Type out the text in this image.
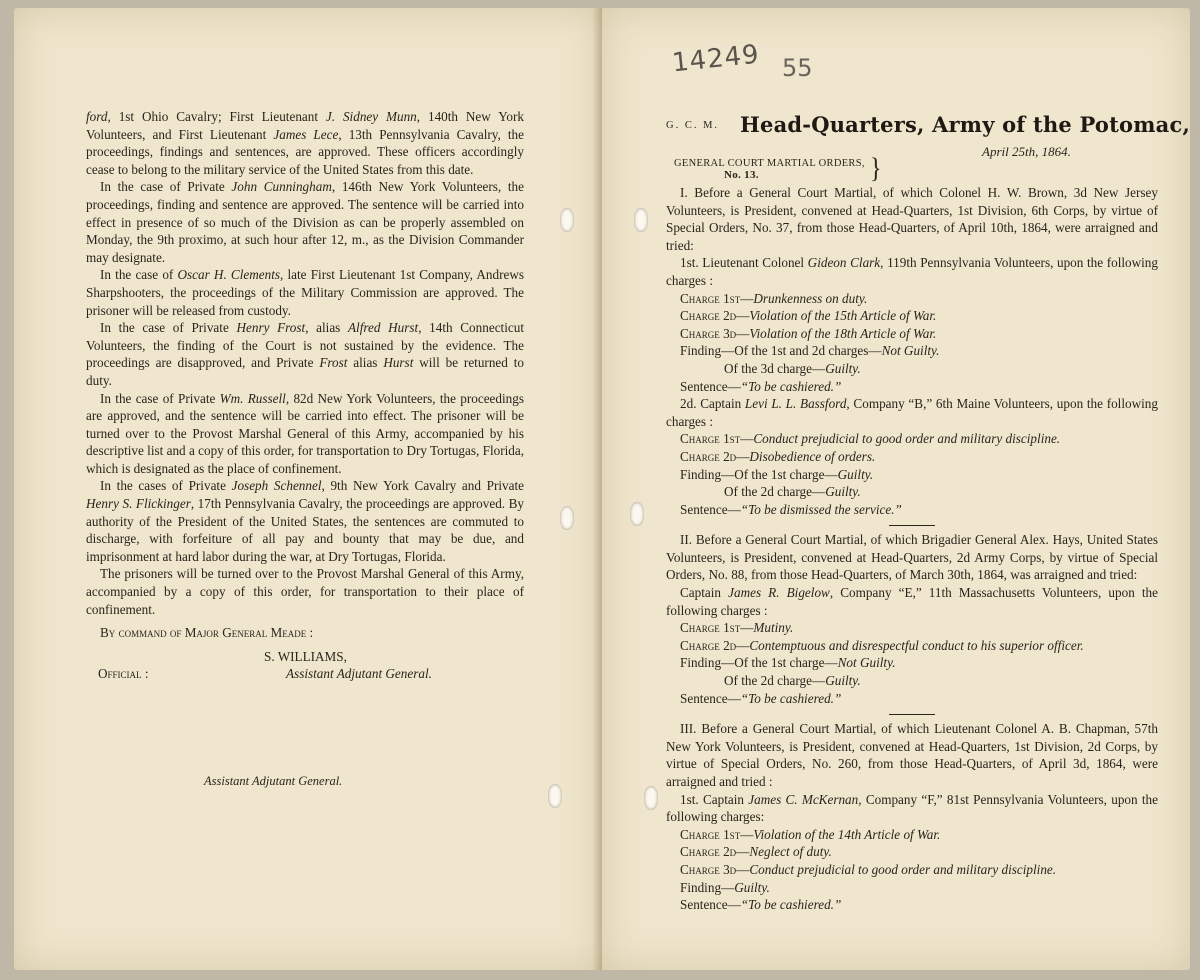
ford, 1st Ohio Cavalry; First Lieutenant J. Sidney Munn, 140th New York Volunteers, and First Lieutenant James Lece, 13th Pennsylvania Cavalry, the proceedings, findings and sentences, are approved. These officers accordingly cease to belong to the military service of the United States from this date.

In the case of Private John Cunningham, 146th New York Volunteers, the proceedings, finding and sentence are approved. The sentence will be carried into effect in presence of so much of the Division as can be properly assembled on Monday, the 9th proximo, at such hour after 12, m., as the Division Commander may designate.

In the case of Oscar H. Clements, late First Lieutenant 1st Company, Andrews Sharpshooters, the proceedings of the Military Commission are approved. The prisoner will be released from custody.

In the case of Private Henry Frost, alias Alfred Hurst, 14th Connecticut Volunteers, the finding of the Court is not sustained by the evidence. The proceedings are disapproved, and Private Frost alias Hurst will be returned to duty.

In the case of Private Wm. Russell, 82d New York Volunteers, the proceedings are approved, and the sentence will be carried into effect. The prisoner will be turned over to the Provost Marshal General of this Army, accompanied by his descriptive list and a copy of this order, for transportation to Dry Tortugas, Florida, which is designated as the place of confinement.

In the cases of Private Joseph Schennel, 9th New York Cavalry and Private Henry S. Flickinger, 17th Pennsylvania Cavalry, the proceedings are approved. By authority of the President of the United States, the sentences are commuted to discharge, with forfeiture of all pay and bounty that may be due, and imprisonment at hard labor during the war, at Dry Tortugas, Florida.

The prisoners will be turned over to the Provost Marshal General of this Army, accompanied by a copy of this order, for transportation to their place of confinement.

By command of Major General Meade :

S. WILLIAMS,

Assistant Adjutant General.

Official :

Assistant Adjutant General.
14249 55
G. C. M. Head-Quarters, Army of the Potomac,
April 25th, 1864.
GENERAL COURT MARTIAL ORDERS,
No. 13.	}

I. Before a General Court Martial, of which Colonel H. W. Brown, 3d New Jersey Volunteers, is President, convened at Head-Quarters, 1st Division, 6th Corps, by virtue of Special Orders, No. 37, from those Head-Quarters, of April 10th, 1864, were arraigned and tried:

1st. Lieutenant Colonel Gideon Clark, 119th Pennsylvania Volunteers, upon the following charges :

Charge 1st—Drunkenness on duty.

Charge 2d—Violation of the 15th Article of War.

Charge 3d—Violation of the 18th Article of War.

Finding—Of the 1st and 2d charges—Not Guilty.

Of the 3d charge—Guilty.

Sentence—“To be cashiered.”

2d. Captain Levi L. L. Bassford, Company “B,” 6th Maine Volunteers, upon the following charges :

Charge 1st—Conduct prejudicial to good order and military discipline.

Charge 2d—Disobedience of orders.

Finding—Of the 1st charge—Guilty.

Of the 2d charge—Guilty.

Sentence—“To be dismissed the service.”

II. Before a General Court Martial, of which Brigadier General Alex. Hays, United States Volunteers, is President, convened at Head-Quarters, 2d Army Corps, by virtue of Special Orders, No. 88, from those Head-Quarters, of March 30th, 1864, was arraigned and tried:

Captain James R. Bigelow, Company “E,” 11th Massachusetts Volunteers, upon the following charges :

Charge 1st—Mutiny.

Charge 2d—Contemptuous and disrespectful conduct to his superior officer.

Finding—Of the 1st charge—Not Guilty.

Of the 2d charge—Guilty.

Sentence—“To be cashiered.”

III. Before a General Court Martial, of which Lieutenant Colonel A. B. Chapman, 57th New York Volunteers, is President, convened at Head-Quarters, 1st Division, 2d Corps, by virtue of Special Orders, No. 260, from those Head-Quarters, of April 3d, 1864, were arraigned and tried :

1st. Captain James C. McKernan, Company “F,” 81st Pennsylvania Volunteers, upon the following charges:

Charge 1st—Violation of the 14th Article of War.

Charge 2d—Neglect of duty.

Charge 3d—Conduct prejudicial to good order and military discipline.

Finding—Guilty.

Sentence—“To be cashiered.”
